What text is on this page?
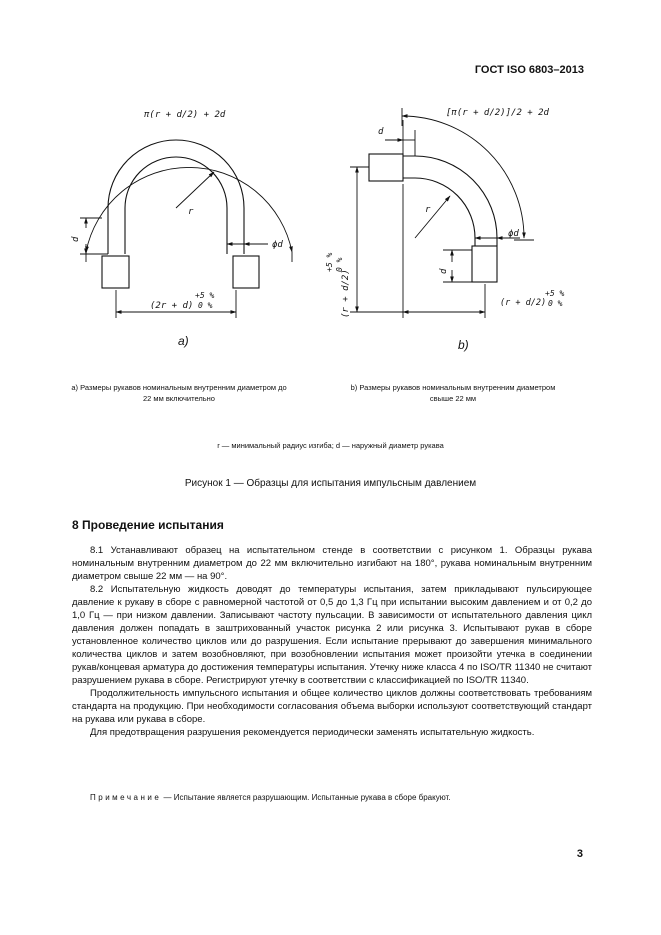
ГОСТ ISO 6803–2013
π(r + d/2) + 2d
r
d
ϕd
(2r + d)
+5 %
0 %
[π(r + d/2)]/2 + 2d
d
r
ϕd
d
(r + d/2)
+5 % 0 %
(r + d/2)
+5 %
0 %
а)	b)
а) Размеры рукавов номинальным внутренним диаметром до
22 мм включительно
b) Размеры рукавов номинальным внутренним диаметром
свыше 22 мм
r — минимальный радиус изгиба; d — наружный диаметр рукава
Рисунок 1 — Образцы для испытания импульсным давлением
8 Проведение испытания

8.1 Устанавливают образец на испытательном стенде в соответствии с рисунком 1. Образцы рукава номинальным внутренним диаметром до 22 мм включительно изгибают на 180°, рукава номинальным внутренним диаметром свыше 22 мм — на 90°.

8.2 Испытательную жидкость доводят до температуры испытания, затем прикладывают пульсирующее давление к рукаву в сборе с равномерной частотой от 0,5 до 1,3 Гц при испытании высоким давлением и от 0,2 до 1,0 Гц — при низком давлении. Записывают частоту пульсации. В зависимости от испытательного давления цикл давления должен попадать в заштрихованный участок рисунка 2 или рисунка 3. Испытывают рукав в сборе установленное количество циклов или до разрушения. Если испытание прерывают до завершения минимального количества циклов и затем возобновляют, при возобновлении испытания может произойти утечка в соединении рукав/концевая арматура до достижения температуры испытания. Утечку ниже класса 4 по ISO/TR 11340 не считают разрушением рукава в сборе. Регистрируют утечку в соответствии с классификацией по ISO/TR 11340.

Продолжительность импульсного испытания и общее количество циклов должны соответствовать требованиям стандарта на продукцию. При необходимости согласования объема выборки используют соответствующий стандарт на рукава или рукава в сборе.

Для предотвращения разрушения рекомендуется периодически заменять испытательную жидкость.

Примечание — Испытание является разрушающим. Испытанные рукава в сборе бракуют.
3
